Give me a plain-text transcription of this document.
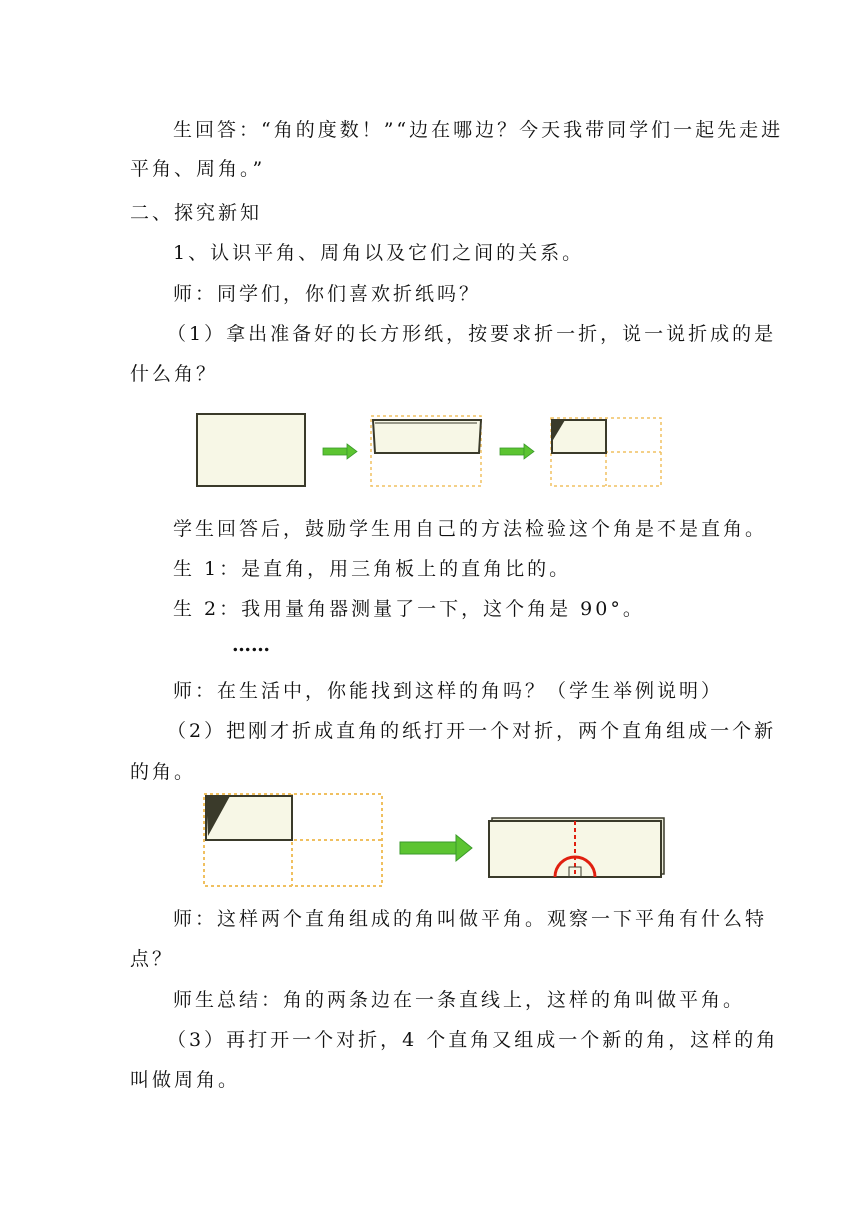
生回答：“角的度数！”“边在哪边？今天我带同学们一起先走进
平角、周角。”
二、探究新知
1、认识平角、周角以及它们之间的关系。
师：同学们，你们喜欢折纸吗？
（1）拿出准备好的长方形纸，按要求折一折，说一说折成的是
什么角？
学生回答后，鼓励学生用自己的方法检验这个角是不是直角。
生 1：是直角，用三角板上的直角比的。
生 2：我用量角器测量了一下，这个角是 90°。
……
师：在生活中，你能找到这样的角吗？（学生举例说明）
（2）把刚才折成直角的纸打开一个对折，两个直角组成一个新
的角。
师：这样两个直角组成的角叫做平角。观察一下平角有什么特
点？
师生总结：角的两条边在一条直线上，这样的角叫做平角。
（3）再打开一个对折，4 个直角又组成一个新的角，这样的角
叫做周角。
